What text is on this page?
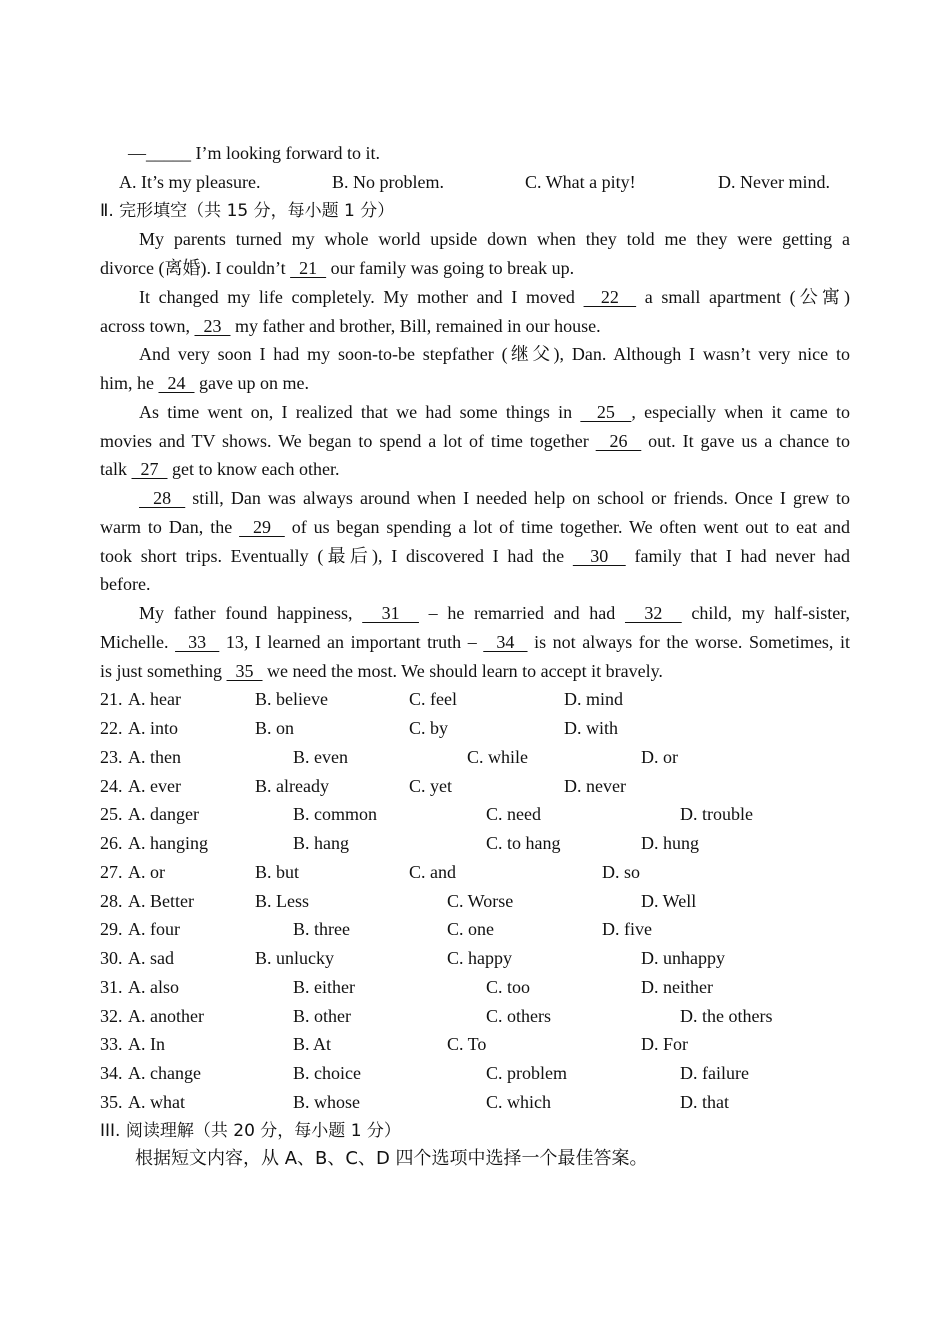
—_____ I’m looking forward to it.
A. It’s my pleasure.	B. No problem.	C. What a pity!	D. Never mind.
Ⅱ. 完形填空（共 15 分，每小题 1 分）
My parents turned my whole world upside down when they told me they were getting a
divorce (离婚). I couldn’t   21   our family was going to break up.
It changed my life completely. My mother and I moved   22   a small apartment (公寓)
across town,   23   my father and brother, Bill, remained in our house.
And very soon I had my soon-to-be stepfather (继父), Dan. Although I wasn’t very nice to
him, he   24   gave up on me.
As time went on, I realized that we had some things in   25  , especially when it came to
movies and TV shows. We began to spend a lot of time together   26   out. It gave us a chance to
talk   27   get to know each other.
28   still, Dan was always around when I needed help on school or friends. Once I grew to
warm to Dan, the   29   of us began spending a lot of time together. We often went out to eat and
took short trips. Eventually (最后), I discovered I had the   30   family that I had never had
before.
My father found happiness,   31   – he remarried and had   32   child, my half-sister,
Michelle.   33   13, I learned an important truth –   34   is not always for the worse. Sometimes, it
is just something   35   we need the most. We should learn to accept it bravely.
21. A. hear	B. believe	C. feel	D. mind
22. A. into	B. on	C. by	D. with
23. A. then	B. even	C. while	D. or
24. A. ever	B. already	C. yet	D. never
25. A. danger	B. common	C. need	D. trouble
26. A. hanging	B. hang	C. to hang	D. hung
27. A. or	B. but	C. and	D. so
28. A. Better	B. Less	C. Worse	D. Well
29. A. four	B. three	C. one	D. five
30. A. sad	B. unlucky	C. happy	D. unhappy
31. A. also	B. either	C. too	D. neither
32. A. another	B. other	C. others	D. the others
33. A. In	B. At	C. To	D. For
34. A. change	B. choice	C. problem	D. failure
35. A. what	B. whose	C. which	D. that
III. 阅读理解（共 20 分，每小题 1 分）
根据短文内容，从 A、B、C、D 四个选项中选择一个最佳答案。
